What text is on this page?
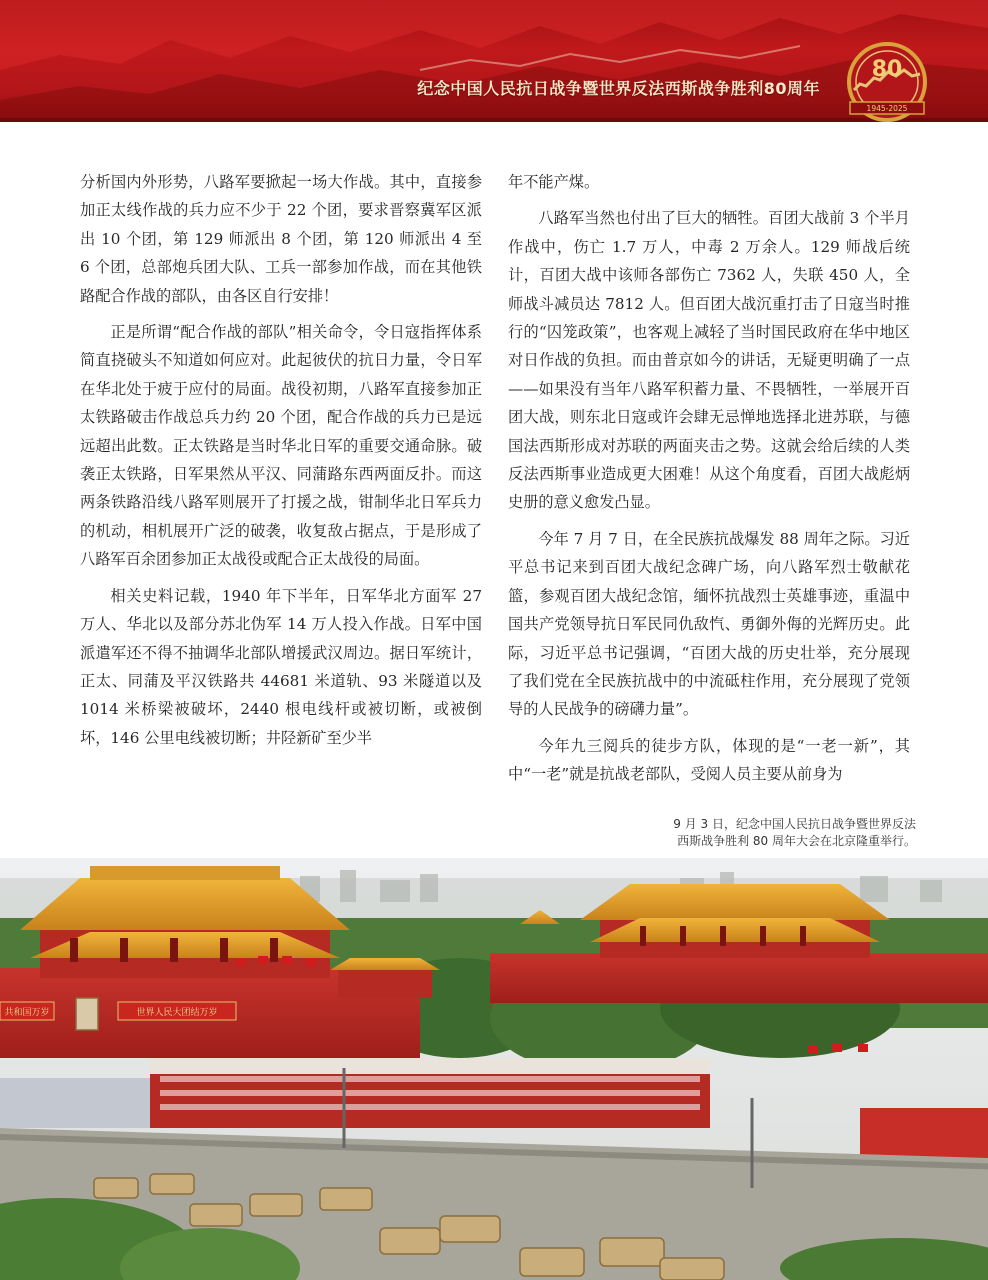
纪念中国人民抗日战争暨世界反法西斯战争胜利80周年
80
1945-2025

分析国内外形势，八路军要掀起一场大作战。其中，直接参加正太线作战的兵力应不少于 22 个团，要求晋察冀军区派出 10 个团，第 129 师派出 8 个团，第 120 师派出 4 至 6 个团，总部炮兵团大队、工兵一部参加作战，而在其他铁路配合作战的部队，由各区自行安排！

正是所谓“配合作战的部队”相关命令，令日寇指挥体系简直挠破头不知道如何应对。此起彼伏的抗日力量，令日军在华北处于疲于应付的局面。战役初期，八路军直接参加正太铁路破击作战总兵力约 20 个团，配合作战的兵力已是远远超出此数。正太铁路是当时华北日军的重要交通命脉。破袭正太铁路，日军果然从平汉、同蒲路东西两面反扑。而这两条铁路沿线八路军则展开了打援之战，钳制华北日军兵力的机动，相机展开广泛的破袭，收复敌占据点，于是形成了八路军百余团参加正太战役或配合正太战役的局面。

相关史料记载，1940 年下半年，日军华北方面军 27 万人、华北以及部分苏北伪军 14 万人投入作战。日军中国派遣军还不得不抽调华北部队增援武汉周边。据日军统计，正太、同蒲及平汉铁路共 44681 米道轨、93 米隧道以及 1014 米桥梁被破坏，2440 根电线杆或被切断，或被倒坏，146 公里电线被切断；井陉新矿至少半

年不能产煤。

八路军当然也付出了巨大的牺牲。百团大战前 3 个半月作战中，伤亡 1.7 万人，中毒 2 万余人。129 师战后统计，百团大战中该师各部伤亡 7362 人，失联 450 人，全师战斗减员达 7812 人。但百团大战沉重打击了日寇当时推行的“囚笼政策”，也客观上减轻了当时国民政府在华中地区对日作战的负担。而由普京如今的讲话，无疑更明确了一点——如果没有当年八路军积蓄力量、不畏牺牲，一举展开百团大战，则东北日寇或许会肆无忌惮地选择北进苏联，与德国法西斯形成对苏联的两面夹击之势。这就会给后续的人类反法西斯事业造成更大困难！从这个角度看，百团大战彪炳史册的意义愈发凸显。

今年 7 月 7 日，在全民族抗战爆发 88 周年之际。习近平总书记来到百团大战纪念碑广场，向八路军烈士敬献花篮，参观百团大战纪念馆，缅怀抗战烈士英雄事迹，重温中国共产党领导抗日军民同仇敌忾、勇御外侮的光辉历史。此际，习近平总书记强调，“百团大战的历史壮举，充分展现了我们党在全民族抗战中的中流砥柱作用，充分展现了党领导的人民战争的磅礴力量”。

今年九三阅兵的徒步方队，体现的是“一老一新”，其中“一老”就是抗战老部队，受阅人员主要从前身为

9 月 3 日，纪念中国人民抗日战争暨世界反法
西斯战争胜利 80 周年大会在北京隆重举行。
共和国万岁	世界人民大团结万岁
